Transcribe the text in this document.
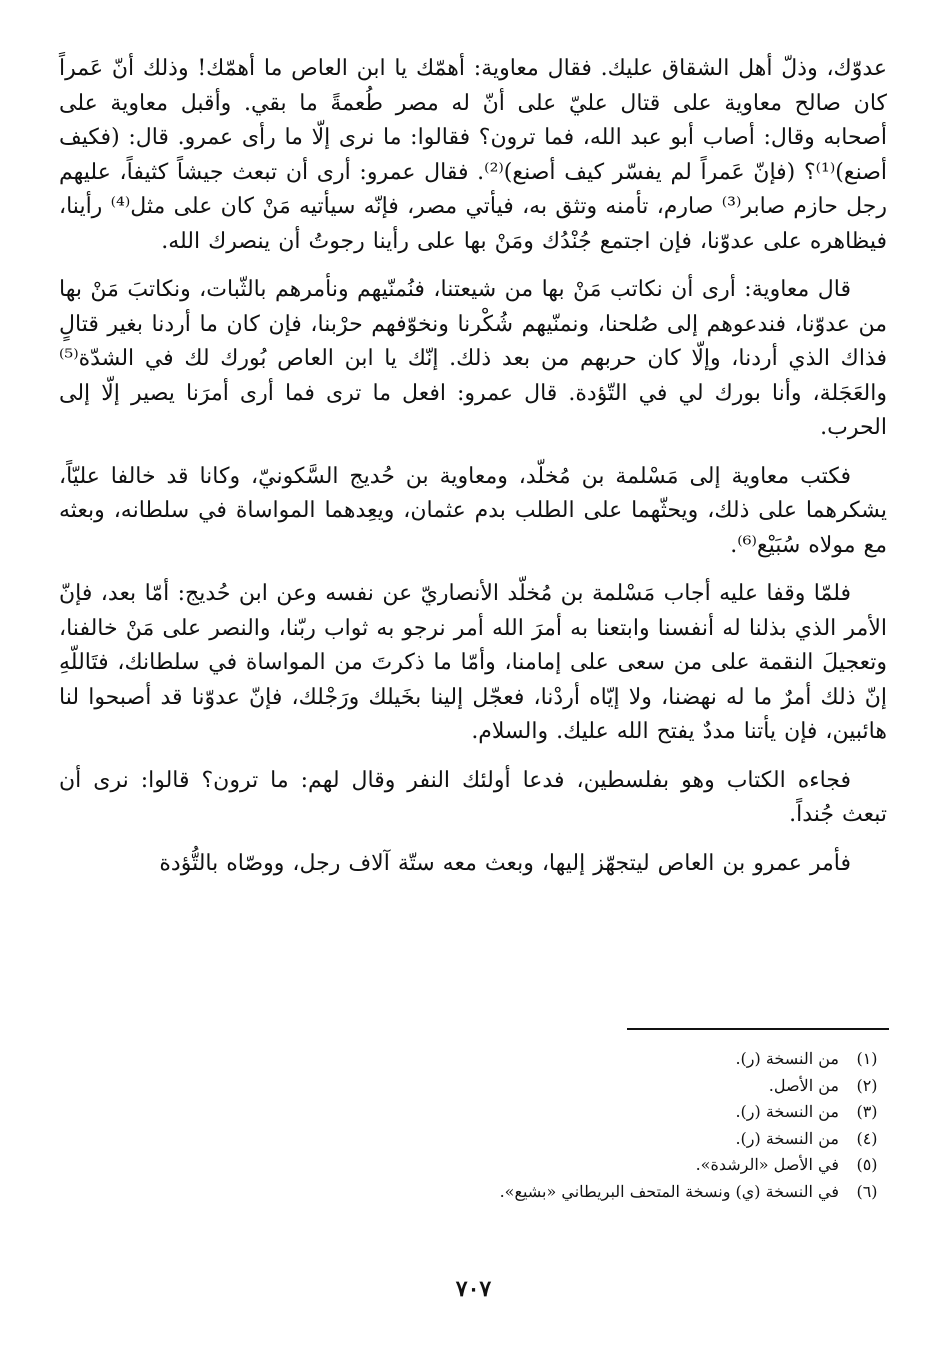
عدوّك، وذلّ أهل الشقاق عليك. فقال معاوية: أهمّك يا ابن العاص ما أهمّك! وذلك أنّ عَمراً كان صالح معاوية على قتال عليّ على أنّ له مصر طُعمةً ما بقي. وأقبل معاوية على أصحابه وقال: أصاب أبو عبد الله، فما ترون؟ فقالوا: ما نرى إلّا ما رأى عمرو. قال: (فكيف أصنع)⁽¹⁾؟ (فإنّ عَمراً لم يفسّر كيف أصنع)⁽²⁾. فقال عمرو: أرى أن تبعث جيشاً كثيفاً، عليهم رجل حازم صابر⁽³⁾ صارم، تأمنه وتثق به، فيأتي مصر، فإنّه سيأتيه مَنْ كان على مثل⁽⁴⁾ رأينا، فيظاهره على عدوّنا، فإن اجتمع جُنْدُك ومَنْ بها على رأينا رجوتُ أن ينصرك الله.

قال معاوية: أرى أن نكاتب مَنْ بها من شيعتنا، فنُمنّيهم ونأمرهم بالثّبات، ونكاتبَ مَنْ بها من عدوّنا، فندعوهم إلى صُلحنا، ونمنّيهم شُكْرنا ونخوّفهم حرْبنا، فإن كان ما أردنا بغير قتالٍ فذاك الذي أردنا، وإلّا كان حربهم من بعد ذلك. إنّك يا ابن العاص بُورك لك في الشدّة⁽⁵⁾ والعَجَلة، وأنا بورك لي في التّؤدة. قال عمرو: افعل ما ترى فما أرى أمرَنا يصير إلّا إلى الحرب.

فكتب معاوية إلى مَسْلمة بن مُخلّد، ومعاوية بن حُديج السَّكونيّ، وكانا قد خالفا عليّاً، يشكرهما على ذلك، ويحثّهما على الطلب بدم عثمان، ويعِدهما المواساة في سلطانه، وبعثه مع مولاه سُبَيْع⁽⁶⁾.

فلمّا وقفا عليه أجاب مَسْلمة بن مُخلّد الأنصاريّ عن نفسه وعن ابن حُديج: أمّا بعد، فإنّ الأمر الذي بذلنا له أنفسنا وابتعنا به أمرَ الله أمر نرجو به ثواب ربّنا، والنصر على مَنْ خالفنا، وتعجيلَ النقمة على من سعى على إمامنا، وأمّا ما ذكرتَ من المواساة في سلطانك، فتَاللّهِ إنّ ذلك أمرٌ ما له نهضنا، ولا إيّاه أردْنا، فعجّل إلينا بخَيلك ورَجْلك، فإنّ عدوّنا قد أصبحوا لنا هائبين، فإن يأتنا مددٌ يفتح الله عليك. والسلام.

فجاءه الكتاب وهو بفلسطين، فدعا أولئك النفر وقال لهم: ما ترون؟ قالوا: نرى أن تبعث جُنداً.

فأمر عمرو بن العاص ليتجهّز إليها، وبعث معه ستّة آلاف رجل، ووصّاه بالتُّؤدة

(١)
من النسخة (ر).
(٢)
من الأصل.
(٣)
من النسخة (ر).
(٤)
من النسخة (ر).
(٥)
في الأصل «الرشدة».
(٦)
في النسخة (ي) ونسخة المتحف البريطاني «بشيع».
٧٠٧
